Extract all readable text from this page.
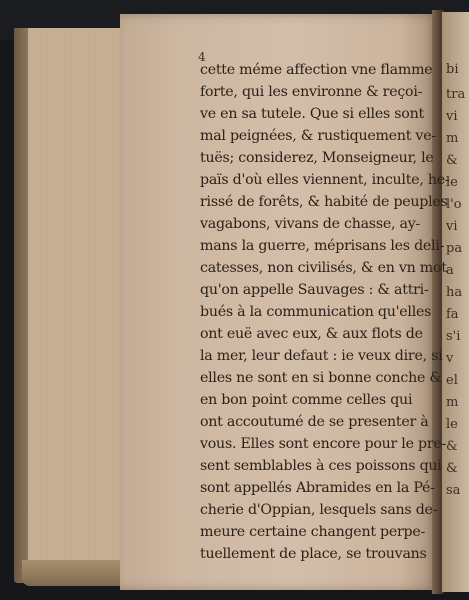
bi
tra
vi
m
&
le
l'o
vi
pa
a
ha
fa
s'i
v
el
m
le
&
&
sa
4
cette méme affection vne flamme
forte, qui les environne & reçoi-
ve en sa tutele. Que si elles sont
mal peignées, & rustiquement ve-
tuës; considerez, Monseigneur, le
païs d'où elles viennent, inculte, he-
rissé de forêts, & habité de peuples
vagabons, vivans de chasse, ay-
mans la guerre, méprisans les deli-
catesses, non civilisés, & en vn mot
qu'on appelle Sauvages : & attri-
bués à la communication qu'elles
ont euë avec eux, & aux flots de
la mer, leur defaut : ie veux dire, si
elles ne sont en si bonne conche &
en bon point comme celles qui
ont accoutumé de se presenter à
vous. Elles sont encore pour le pre-
sent semblables à ces poissons qui
sont appellés Abramides en la Pé-
cherie d'Oppian, lesquels sans de-
meure certaine changent perpe-
tuellement de place, se trouvans
